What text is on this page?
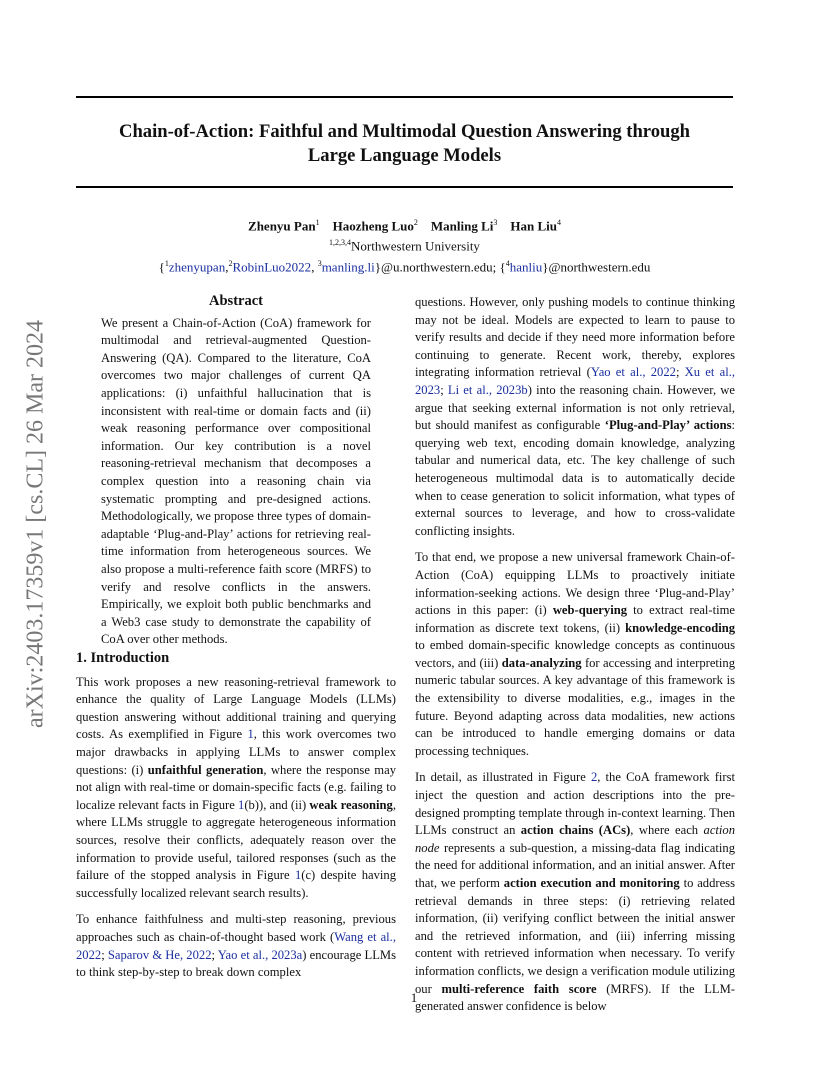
Chain-of-Action: Faithful and Multimodal Question Answering through
Large Language Models
Zhenyu Pan$^1$ Haozheng Luo$^2$ Manling Li$^3$ Han Liu$^4$
$^{1,2,3,4}$Northwestern University
{$^1$zhenyupan,$^2$RobinLuo2022, $^3$manling.li}@u.northwestern.edu; {$^4$hanliu}@northwestern.edu
arXiv:2403.17359v1 [cs.CL] 26 Mar 2024
Abstract

We present a Chain-of-Action (CoA) framework for multimodal and retrieval-augmented Question-Answering (QA). Compared to the literature, CoA overcomes two major challenges of current QA applications: (i) unfaithful hallucination that is inconsistent with real-time or domain facts and (ii) weak reasoning performance over compositional information. Our key contribution is a novel reasoning-retrieval mechanism that decomposes a complex question into a reasoning chain via systematic prompting and pre-designed actions. Methodologically, we propose three types of domain-adaptable ‘Plug-and-Play’ actions for retrieving real-time information from heterogeneous sources. We also propose a multi-reference faith score (MRFS) to verify and resolve conflicts in the answers. Empirically, we exploit both public benchmarks and a Web3 case study to demonstrate the capability of CoA over other methods.

1. Introduction

This work proposes a new reasoning-retrieval framework to enhance the quality of Large Language Models (LLMs) question answering without additional training and querying costs. As exemplified in Figure 1, this work overcomes two major drawbacks in applying LLMs to answer complex questions: (i) unfaithful generation, where the response may not align with real-time or domain-specific facts (e.g. failing to localize relevant facts in Figure 1(b)), and (ii) weak reasoning, where LLMs struggle to aggregate heterogeneous information sources, resolve their conflicts, adequately reason over the information to provide useful, tailored responses (such as the failure of the stopped analysis in Figure 1(c) despite having successfully localized relevant search results).

To enhance faithfulness and multi-step reasoning, previous approaches such as chain-of-thought based work (Wang et al., 2022; Saparov & He, 2022; Yao et al., 2023a) encourage LLMs to think step-by-step to break down complex

questions. However, only pushing models to continue thinking may not be ideal. Models are expected to learn to pause to verify results and decide if they need more information before continuing to generate. Recent work, thereby, explores integrating information retrieval (Yao et al., 2022; Xu et al., 2023; Li et al., 2023b) into the reasoning chain. However, we argue that seeking external information is not only retrieval, but should manifest as configurable ‘Plug-and-Play’ actions: querying web text, encoding domain knowledge, analyzing tabular and numerical data, etc. The key challenge of such heterogeneous multimodal data is to automatically decide when to cease generation to solicit information, what types of external sources to leverage, and how to cross-validate conflicting insights.

To that end, we propose a new universal framework Chain-of-Action (CoA) equipping LLMs to proactively initiate information-seeking actions. We design three ‘Plug-and-Play’ actions in this paper: (i) web-querying to extract real-time information as discrete text tokens, (ii) knowledge-encoding to embed domain-specific knowledge concepts as continuous vectors, and (iii) data-analyzing for accessing and interpreting numeric tabular sources. A key advantage of this framework is the extensibility to diverse modalities, e.g., images in the future. Beyond adapting across data modalities, new actions can be introduced to handle emerging domains or data processing techniques.

In detail, as illustrated in Figure 2, the CoA framework first inject the question and action descriptions into the pre-designed prompting template through in-context learning. Then LLMs construct an action chains (ACs), where each action node represents a sub-question, a missing-data flag indicating the need for additional information, and an initial answer. After that, we perform action execution and monitoring to address retrieval demands in three steps: (i) retrieving related information, (ii) verifying conflict between the initial answer and the retrieved information, and (iii) inferring missing content with retrieved information when necessary. To verify information conflicts, we design a verification module utilizing our multi-reference faith score (MRFS). If the LLM-generated answer confidence is below

1
